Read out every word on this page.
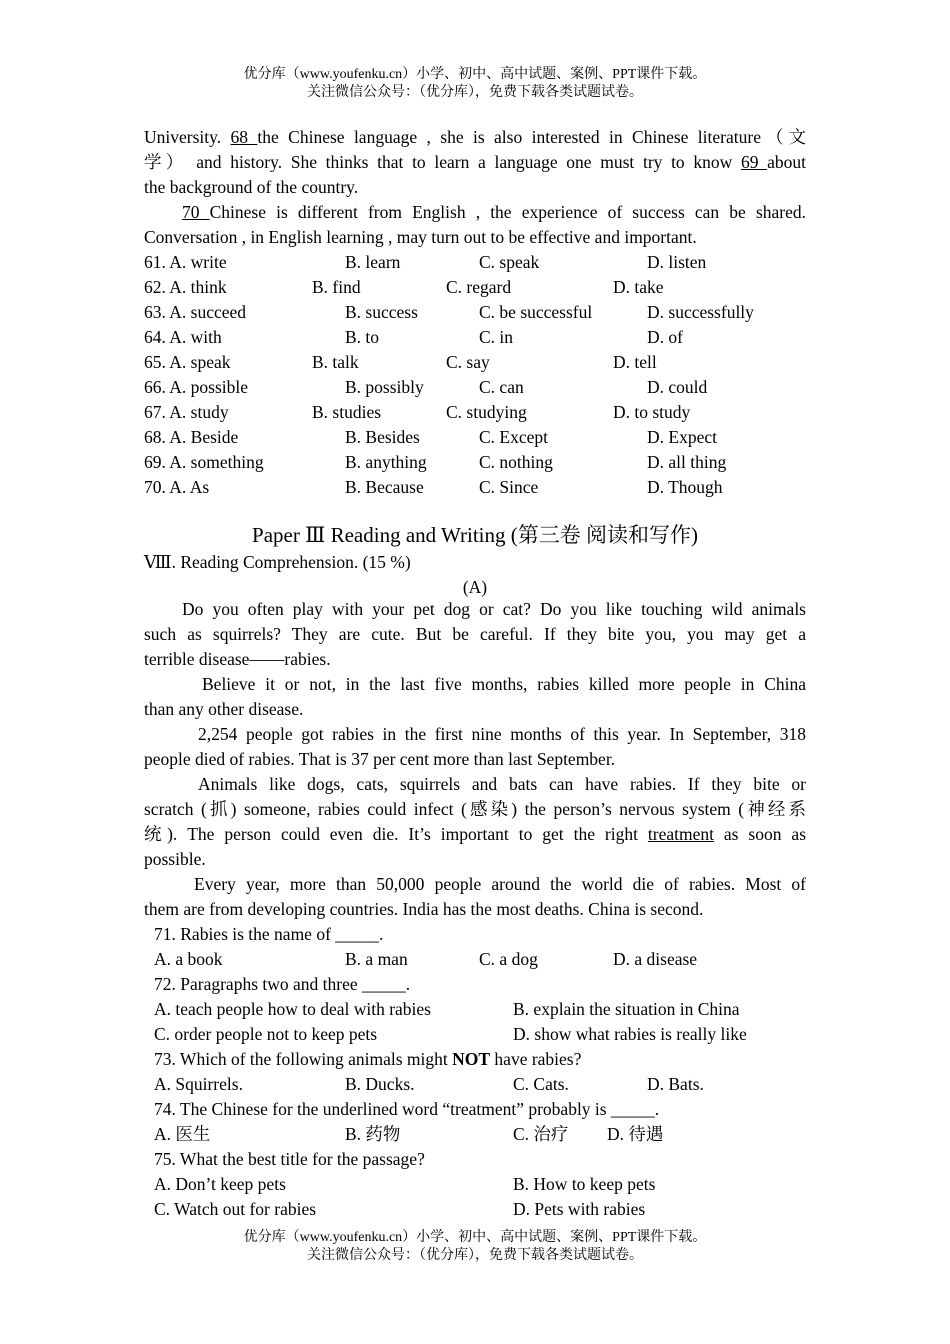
优分库（www.youfenku.cn）小学、初中、高中试题、案例、PPT课件下载。
关注微信公众号：（优分库），免费下载各类试题试卷。
University. 68 the Chinese language , she is also interested in Chinese literature（文
学） and history. She thinks that to learn a language one must try to know 69 about
the background of the country.
70 Chinese is different from English , the experience of success can be shared.
Conversation , in English learning , may turn out to be effective and important.
61. A. write	B. learn	C. speak	D. listen
62. A. think	B. find	C. regard	D. take
63. A. succeed	B. success	C. be successful	D. successfully
64. A. with	B. to	C. in	D. of
65. A. speak	B. talk	C. say	D. tell
66. A. possible	B. possibly	C. can	D. could
67. A. study	B. studies	C. studying	D. to study
68. A. Beside	B. Besides	C. Except	D. Expect
69. A. something	B. anything	C. nothing	D. all thing
70. A. As	B. Because	C. Since	D. Though
Paper Ⅲ Reading and Writing (第三卷 阅读和写作)
Ⅷ. Reading Comprehension. (15 %)
(A)
Do you often play with your pet dog or cat? Do you like touching wild animals
such as squirrels? They are cute. But be careful. If they bite you, you may get a
terrible disease——rabies.
Believe it or not, in the last five months, rabies killed more people in China
than any other disease.
2,254 people got rabies in the first nine months of this year. In September, 318
people died of rabies. That is 37 per cent more than last September.
Animals like dogs, cats, squirrels and bats can have rabies. If they bite or
scratch (抓) someone, rabies could infect (感染) the person’s nervous system (神经系
统). The person could even die. It’s important to get the right treatment as soon as
possible.
Every year, more than 50,000 people around the world die of rabies. Most of
them are from developing countries. India has the most deaths. China is second.
71. Rabies is the name of _____.
A. a book	B. a man	C. a dog	D. a disease
72. Paragraphs two and three _____.
A. teach people how to deal with rabies	B. explain the situation in China
C. order people not to keep pets	D. show what rabies is really like
73. Which of the following animals might NOT have rabies?
A. Squirrels.	B. Ducks.	C. Cats.	D. Bats.
74. The Chinese for the underlined word “treatment” probably is _____.
A. 医生	B. 药物	C. 治疗 D. 待遇
75. What the best title for the passage?
A. Don’t keep pets	B. How to keep pets
C. Watch out for rabies	D. Pets with rabies
优分库（www.youfenku.cn）小学、初中、高中试题、案例、PPT课件下载。
关注微信公众号：（优分库），免费下载各类试题试卷。
